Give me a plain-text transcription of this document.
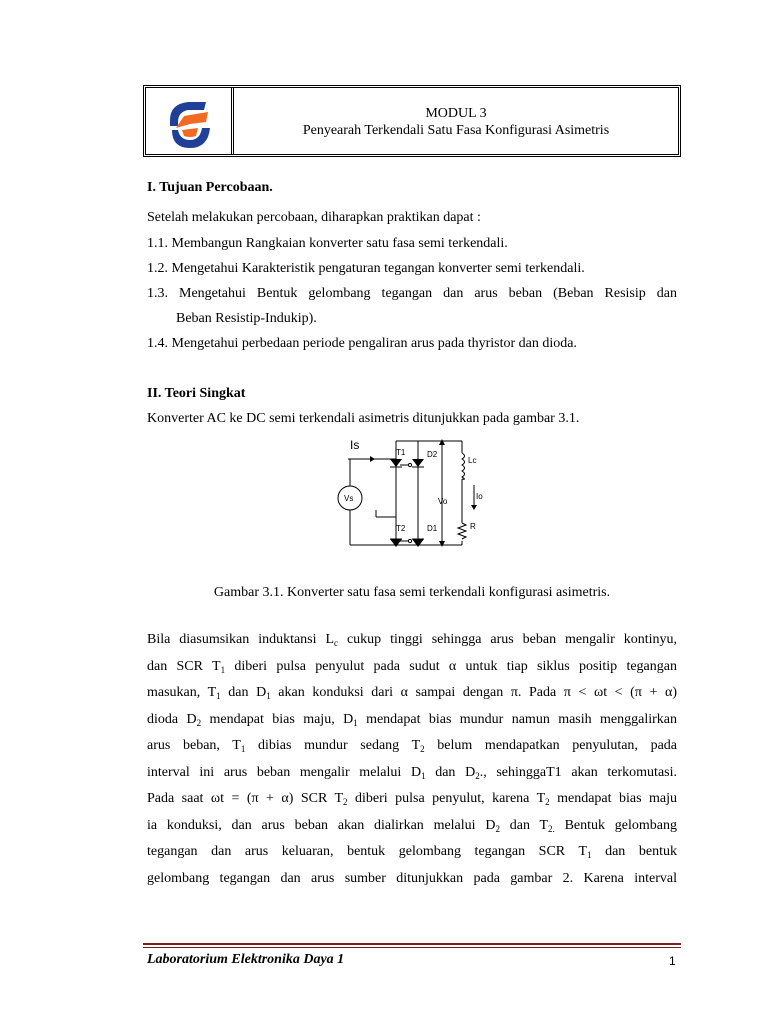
MODUL 3
Penyearah Terkendali Satu Fasa Konfigurasi Asimetris
I. Tujuan Percobaan.
Setelah melakukan percobaan, diharapkan praktikan dapat :
1.1. Membangun Rangkaian konverter satu fasa semi terkendali.
1.2. Mengetahui Karakteristik pengaturan tegangan konverter semi terkendali.
1.3. Mengetahui Bentuk gelombang tegangan dan arus beban (Beban Resisip dan
Beban Resistip-Indukip).
1.4. Mengetahui perbedaan periode pengaliran arus pada thyristor dan dioda.
II. Teori Singkat
Konverter AC ke DC semi terkendali asimetris ditunjukkan pada gambar 3.1.
Is
T1	D2
Lc
Vs	Vo
Io
T2	D1	R
Gambar 3.1. Konverter satu fasa semi terkendali konfigurasi asimetris.
Bila diasumsikan induktansi $L_c$ cukup tinggi sehingga arus beban mengalir kontinyu,
dan SCR $T_1$ diberi pulsa penyulut pada sudut α untuk tiap siklus positip tegangan
masukan, $T_1$ dan $D_1$ akan konduksi dari α sampai dengan π. Pada π < ωt < (π + α)
dioda $D_2$ mendapat bias maju, $D_1$ mendapat bias mundur namun masih menggalirkan
arus beban, $T_1$ dibias mundur sedang $T_2$ belum mendapatkan penyulutan, pada
interval ini arus beban mengalir melalui $D_1$ dan $D_2$., sehinggaT1 akan terkomutasi.
Pada saat ωt = (π + α) SCR $T_2$ diberi pulsa penyulut, karena $T_2$ mendapat bias maju
ia konduksi, dan arus beban akan dialirkan melalui $D_2$ dan $T_{2.}$ Bentuk gelombang
tegangan dan arus keluaran, bentuk gelombang tegangan SCR $T_1$ dan bentuk
gelombang tegangan dan arus sumber ditunjukkan pada gambar 2. Karena interval
Laboratorium Elektronika Daya 1	1
